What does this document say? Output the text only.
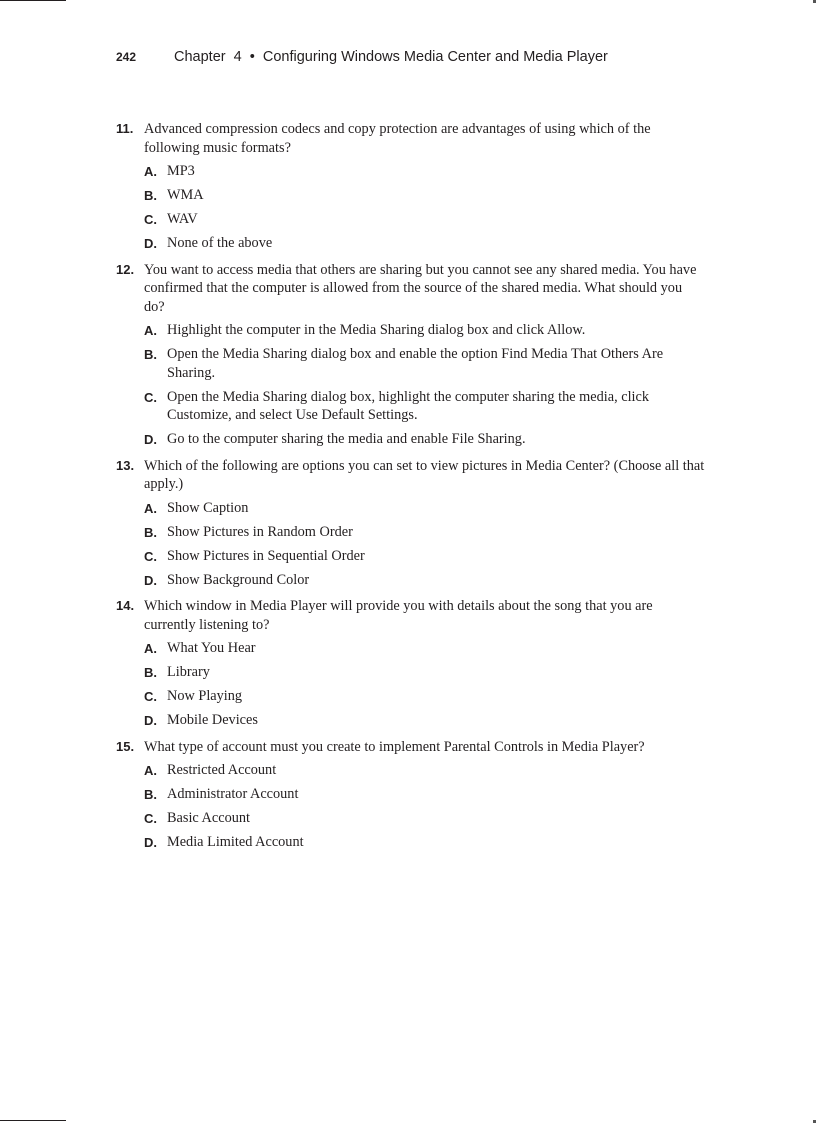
242	Chapter  4  •  Configuring Windows Media Center and Media Player
11. Advanced compression codecs and copy protection are advantages of using which of the following music formats?
A. MP3
B. WMA
C. WAV
D. None of the above
12. You want to access media that others are sharing but you cannot see any shared media. You have confirmed that the computer is allowed from the source of the shared media. What should you do?
A. Highlight the computer in the Media Sharing dialog box and click Allow.
B. Open the Media Sharing dialog box and enable the option Find Media That Others Are Sharing.
C. Open the Media Sharing dialog box, highlight the computer sharing the media, click Customize, and select Use Default Settings.
D. Go to the computer sharing the media and enable File Sharing.
13. Which of the following are options you can set to view pictures in Media Center? (Choose all that apply.)
A. Show Caption
B. Show Pictures in Random Order
C. Show Pictures in Sequential Order
D. Show Background Color
14. Which window in Media Player will provide you with details about the song that you are currently listening to?
A. What You Hear
B. Library
C. Now Playing
D. Mobile Devices
15. What type of account must you create to implement Parental Controls in Media Player?
A. Restricted Account
B. Administrator Account
C. Basic Account
D. Media Limited Account
